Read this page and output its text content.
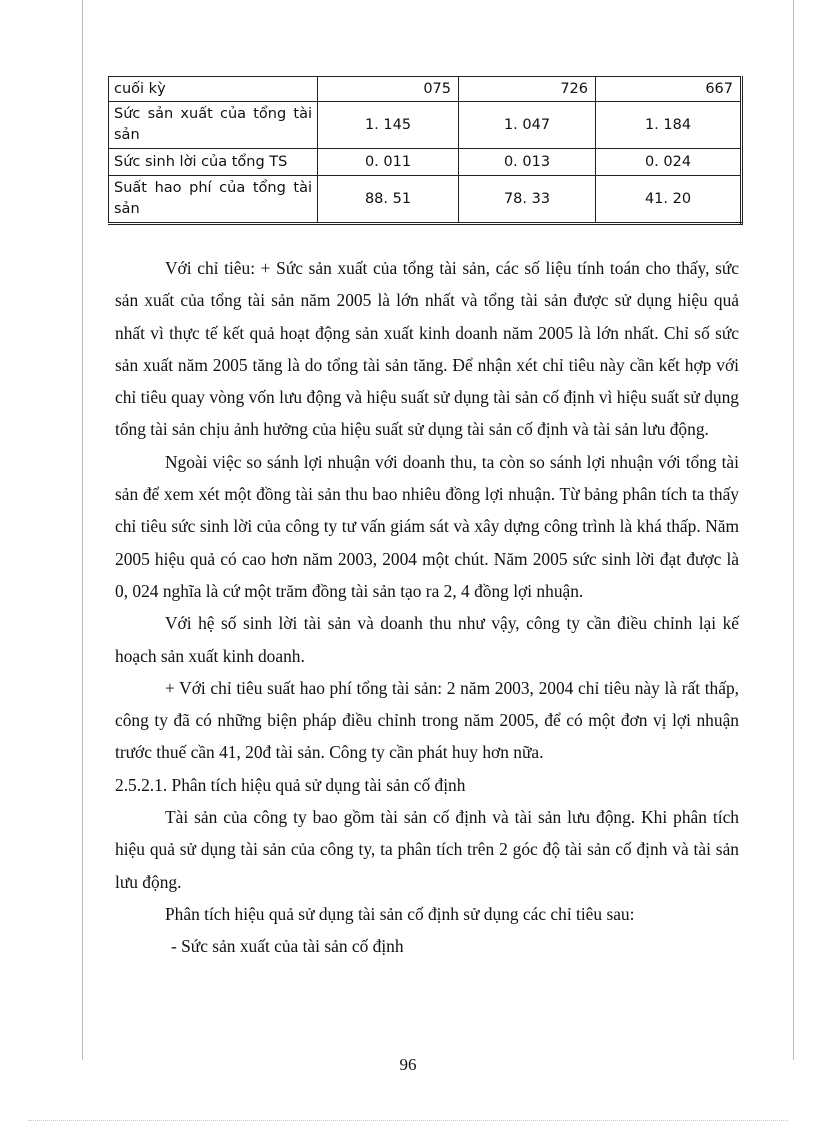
cuối kỳ	075	726	667
Sức sản xuất của tổng tài sản	1. 145	1. 047	1. 184
Sức sinh lời của tổng TS	0. 011	0. 013	0. 024
Suất hao phí của tổng tài sản	88. 51	78. 33	41. 20

Với chỉ tiêu: + Sức sản xuất của tổng tài sản, các số liệu tính toán cho thấy, sức sản xuất của tổng tài sản năm 2005 là lớn nhất và tổng tài sản được sử dụng hiệu quả nhất vì thực tế kết quả hoạt động sản xuất kinh doanh năm 2005 là lớn nhất. Chỉ số sức sản xuất năm 2005 tăng là do tổng tài sản tăng. Để nhận xét chỉ tiêu này cần kết hợp với chỉ tiêu quay vòng vốn lưu động và hiệu suất sử dụng tài sản cố định vì hiệu suất sử dụng tổng tài sản chịu ảnh hưởng của hiệu suất sử dụng tài sản cố định và tài sản lưu động.

Ngoài việc so sánh lợi nhuận với doanh thu, ta còn so sánh lợi nhuận với tổng tài sản để xem xét một đồng tài sản thu bao nhiêu đồng lợi nhuận. Từ bảng phân tích ta thấy chỉ tiêu sức sinh lời của công ty tư vấn giám sát và xây dựng công trình là khá thấp. Năm 2005 hiệu quả có cao hơn năm 2003, 2004 một chút. Năm 2005 sức sinh lời đạt được là 0, 024 nghĩa là cứ một trăm đồng tài sản tạo ra 2, 4 đồng lợi nhuận.

Với hệ số sinh lời tài sản và doanh thu như vậy, công ty cần điều chỉnh lại kế hoạch sản xuất kinh doanh.

+ Với chỉ tiêu suất hao phí tổng tài sản: 2 năm 2003, 2004 chỉ tiêu này là rất thấp, công ty đã có những biện pháp điều chỉnh trong năm 2005, để có một đơn vị lợi nhuận trước thuế cần 41, 20đ tài sản. Công ty cần phát huy hơn nữa.

2.5.2.1. Phân tích hiệu quả sử dụng tài sản cố định

Tài sản của công ty bao gồm tài sản cố định và tài sản lưu động. Khi phân tích hiệu quả sử dụng tài sản của công ty, ta phân tích trên 2 góc độ tài sản cố định và tài sản lưu động.

Phân tích hiệu quả sử dụng tài sản cố định sử dụng các chỉ tiêu sau:

- Sức sản xuất của tài sản cố định

96
